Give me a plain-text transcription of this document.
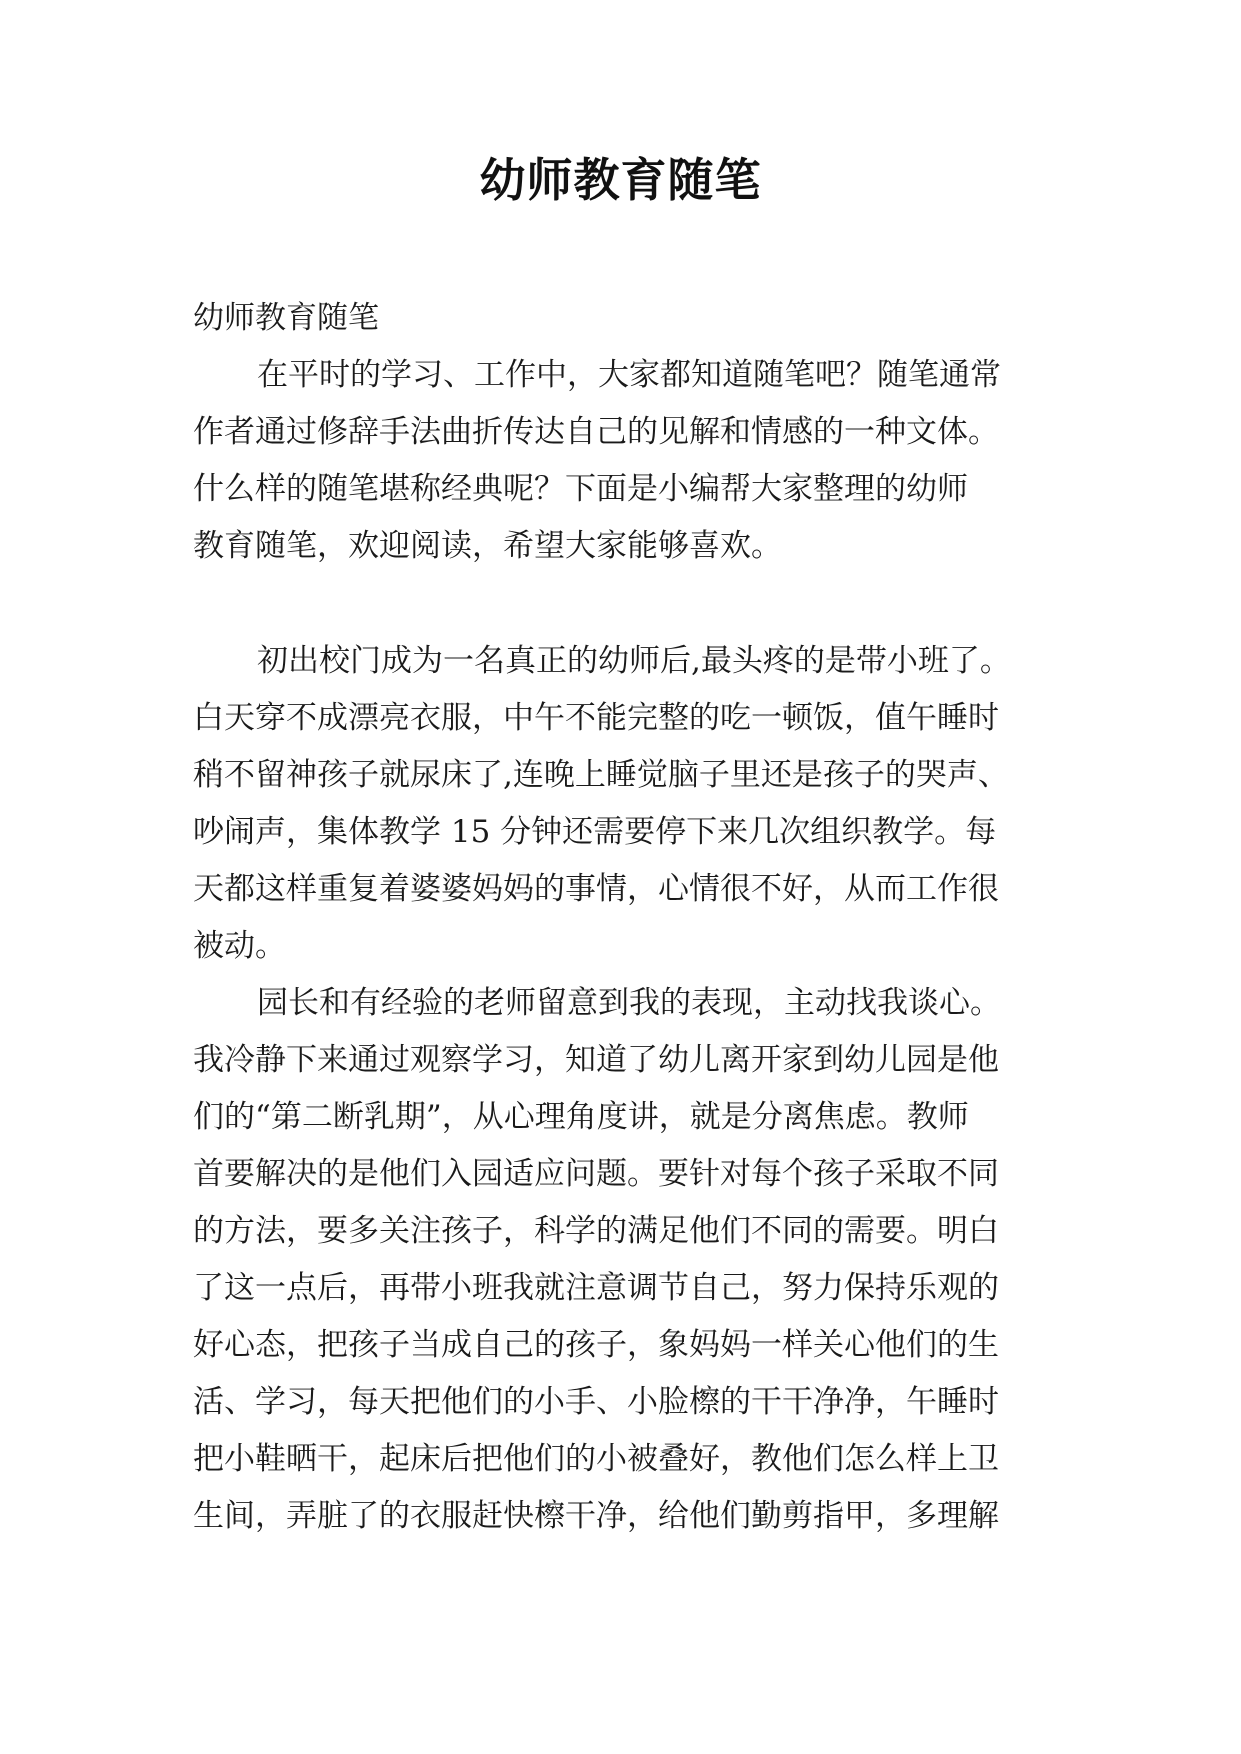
幼师教育随笔
幼师教育随笔
在平时的学习、工作中，大家都知道随笔吧？随笔通常
作者通过修辞手法曲折传达自己的见解和情感的一种文体。
什么样的随笔堪称经典呢？下面是小编帮大家整理的幼师
教育随笔，欢迎阅读，希望大家能够喜欢。
初出校门成为一名真正的幼师后,最头疼的是带小班了。
白天穿不成漂亮衣服，中午不能完整的吃一顿饭，值午睡时
稍不留神孩子就尿床了,连晚上睡觉脑子里还是孩子的哭声、
吵闹声，集体教学 15 分钟还需要停下来几次组织教学。每
天都这样重复着婆婆妈妈的事情，心情很不好，从而工作很
被动。
园长和有经验的老师留意到我的表现，主动找我谈心。
我冷静下来通过观察学习，知道了幼儿离开家到幼儿园是他
们的“第二断乳期”，从心理角度讲，就是分离焦虑。教师
首要解决的是他们入园适应问题。要针对每个孩子采取不同
的方法，要多关注孩子，科学的满足他们不同的需要。明白
了这一点后，再带小班我就注意调节自己，努力保持乐观的
好心态，把孩子当成自己的孩子，象妈妈一样关心他们的生
活、学习，每天把他们的小手、小脸檫的干干净净，午睡时
把小鞋晒干，起床后把他们的小被叠好，教他们怎么样上卫
生间，弄脏了的衣服赶快檫干净，给他们勤剪指甲，多理解
